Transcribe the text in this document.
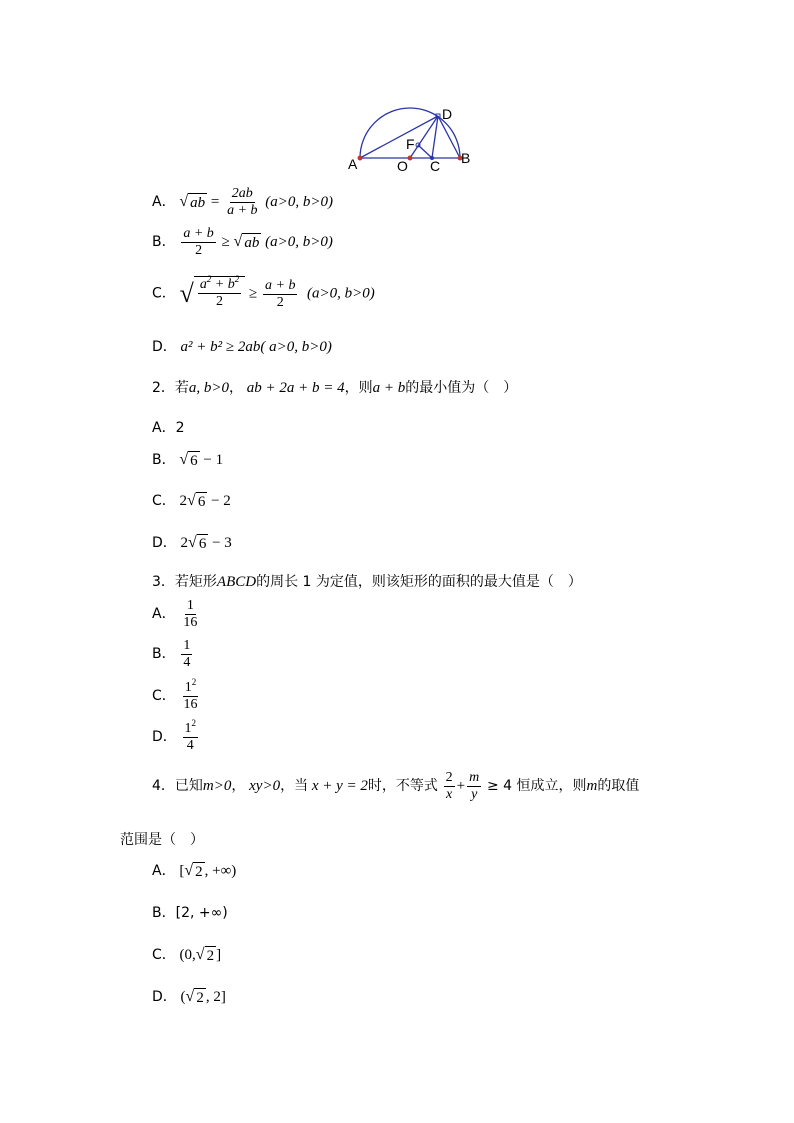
A	O C B
D
F
A． √ ab = $\frac{2ab}{a + b} (a>0$, b>0)
B． $\frac{a + b}{2}$ ≥ √ ab (a>0, b>0)
C． √ $\frac{a^2 + b^2}{2} \ge \frac{a + b}{2} (a>0$, b>0)
D． a² + b² ≥ 2ab( a>0, b>0)
2．若a, b>0， ab + 2a + b = 4，则a + b的最小值为（　）
A．2
B． √ 6 − 1
C． 2 √ 6 − 2
D． 2 √ 6 − 3
3．若矩形ABCD的周长 1 为定值，则该矩形的面积的最大值是（　）
A． $\frac{1}{16}$
B． $\frac{1}{4}$
C． $\frac{1^2}{16}$
D． $\frac{1^2}{4}$
4．已知m>0， xy>0，当 x + y = 2时，不等式 $\frac{2}{x} + \frac{m}{y} \ge 4$ 恒成立，则m的取值
范围是（　）
A． [ √ 2 , +∞)
B．[2, +∞)
C． (0, √ 2 ]
D． ( √ 2 , 2]
